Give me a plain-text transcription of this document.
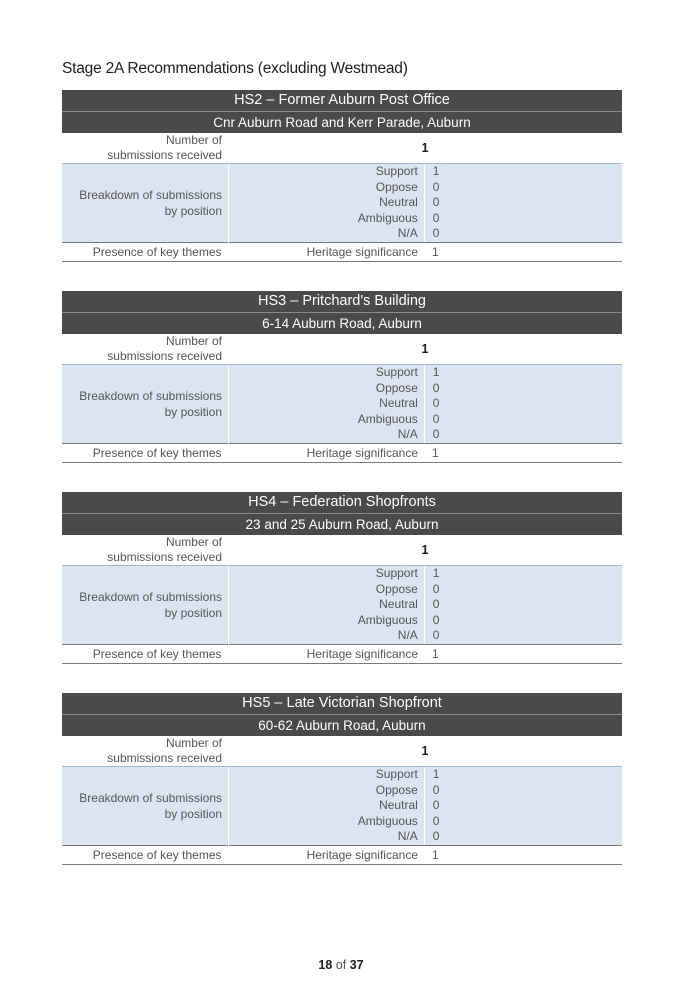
Stage 2A Recommendations (excluding Westmead)
HS2 – Former Auburn Post Office
Cnr Auburn Road and Kerr Parade, Auburn

Number of
submissions received	1

Breakdown of submissions
by position

Support	1
Oppose	0
Neutral	0
Ambiguous	0
N/A	0

Presence of key themes	Heritage significance	1
HS3 – Pritchard's Building
6-14 Auburn Road, Auburn

Number of
submissions received	1

Breakdown of submissions
by position

Support	1
Oppose	0
Neutral	0
Ambiguous	0
N/A	0

Presence of key themes	Heritage significance	1
HS4 – Federation Shopfronts
23 and 25 Auburn Road, Auburn

Number of
submissions received	1

Breakdown of submissions
by position

Support	1
Oppose	0
Neutral	0
Ambiguous	0
N/A	0

Presence of key themes	Heritage significance	1
HS5 – Late Victorian Shopfront
60-62 Auburn Road, Auburn

Number of
submissions received	1

Breakdown of submissions
by position

Support	1
Oppose	0
Neutral	0
Ambiguous	0
N/A	0

Presence of key themes	Heritage significance	1
18 of 37
